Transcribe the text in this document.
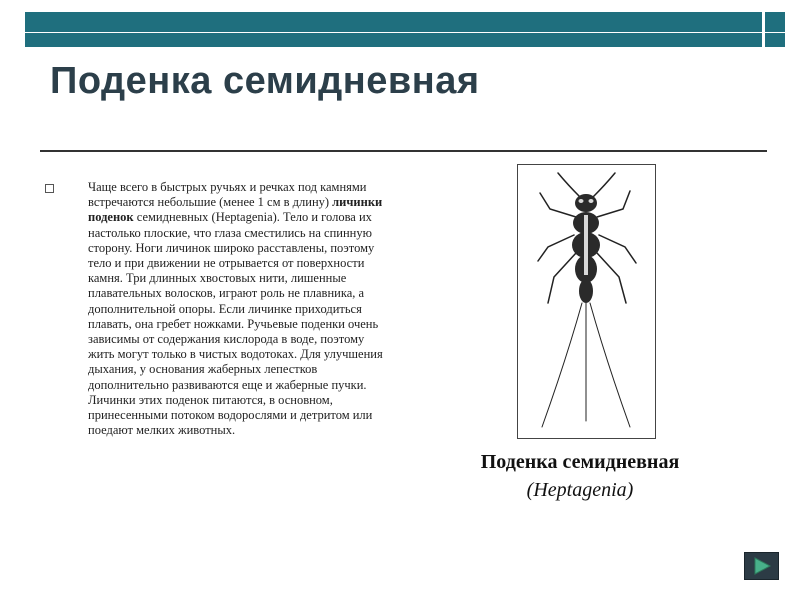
Поденка семидневная
Чаще всего в быстрых ручьях и речках под камнями встречаются небольшие (менее 1 см в длину) личинки поденок семидневных (Heptagenia). Тело и голова их настолько плоские, что глаза сместились на спинную сторону. Ноги личинок широко расставлены, поэтому тело и при движении не отрывается от поверхности камня. Три длинных хвостовых нити, лишенные плавательных волосков, играют роль не плавника, а дополнительной опоры. Если личинке приходиться плавать, она гребет ножками. Ручьевые поденки очень зависимы от содержания кислорода в воде, поэтому жить могут только в чистых водотоках. Для улучшения дыхания, у основания жаберных лепестков дополнительно развиваются еще и жаберные пучки. Личинки этих поденок питаются, в основном, принесенными потоком водорослями и детритом или поедают мелких животных.
Поденка семидневная
(Heptagenia)
